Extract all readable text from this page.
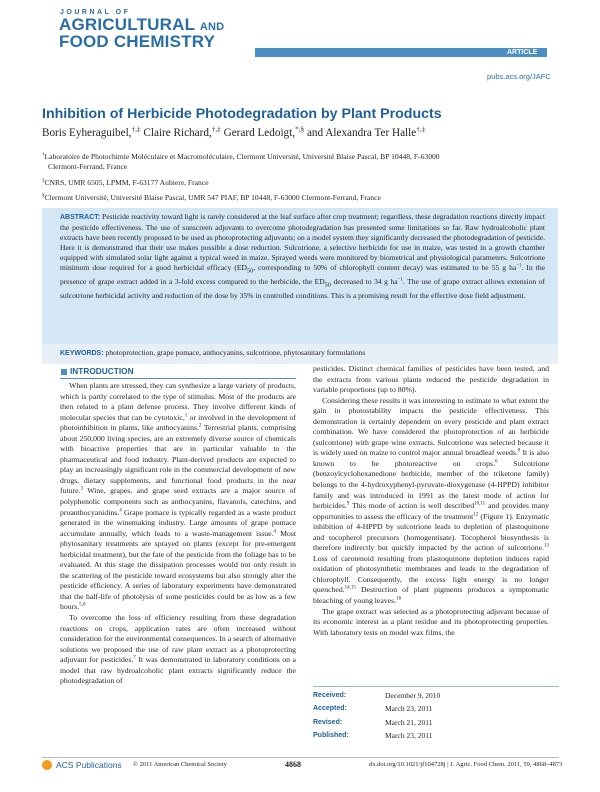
JOURNAL OF
AGRICULTURAL AND
FOOD CHEMISTRY
ARTICLE
pubs.acs.org/JAFC
Inhibition of Herbicide Photodegradation by Plant Products
Boris Eyheraguibel,†,‡ Claire Richard,†,‡ Gerard Ledoigt,*,§ and Alexandra Ter Halle†,‡
†Laboratoire de Photochimie Moléculaire et Macromoléculaire, Clermont Université, Université Blaise Pascal, BP 10448, F-63000
Clermont-Ferrand, France
‡CNRS, UMR 6505, LPMM, F-63177 Aubiere, France
§Clermont Université, Université Blaise Pascal, UMR 547 PIAF, BP 10448, F-63000 Clermont-Ferrand, France
ABSTRACT: Pesticide reactivity toward light is rarely considered at the leaf surface after crop treatment; regardless, these degradation reactions directly impact the pesticide effectiveness. The use of sunscreen adjuvants to overcome photodegradation has presented some limitations so far. Raw hydroalcoholic plant extracts have been recently proposed to be used as photoprotecting adjuvants; on a model system they significantly decreased the photodegradation of pesticide. Here it is demonstrated that their use makes possible a dose reduction. Sulcotrione, a selective herbicide for use in maize, was tested in a growth chamber equipped with simulated solar light against a typical weed in maize. Sprayed weeds were monitored by biometrical and physiological parameters. Sulcotrione minimum dose required for a good herbicidal efficacy ($ED_{50}$, corresponding to 50% of chlorophyll content decay) was estimated to be 55 g $ha^{-1}$. In the presence of grape extract added in a 3-fold excess compared to the herbicide, the $ED_{50}$ decreased to 34 g $ha^{-1}$. The use of grape extract allows extension of sulcotrione herbicidal activity and reduction of the dose by 35% in controlled conditions. This is a promising result for the effective dose field adjustment.
KEYWORDS: photoprotection, grape pomace, anthocyanins, sulcotrione, phytosanitary formulations
INTRODUCTION

When plants are stressed, they can synthesize a large variety of products, which is partly correlated to the type of stimulus. Most of the products are then related to a plant defense process. They involve different kinds of molecular species that can be cytotoxic,$^1$ or involved in the development of photoinhibition in plants, like anthocyanins.$^2$ Terrestrial plants, comprising about 250,000 living species, are an extremely diverse source of chemicals with bioactive properties that are in particular valuable to the pharmaceutical and food industry. Plant-derived products are expected to play an increasingly significant role in the commercial development of new drugs, dietary supplements, and functional food products in the near future.$^3$ Wine, grapes, and grape seed extracts are a major source of polyphenolic components such as anthocyanins, flavanols, catechins, and proanthocyanidins.$^4$ Grape pomace is typically regarded as a waste product generated in the winemaking industry. Large amounts of grape pomace accumulate annually, which leads to a waste-management issue.$^4$ Most phytosanitary treatments are sprayed on plants (except for pre-emergent herbicidal treatment), but the fate of the pesticide from the foliage has to be evaluated. At this stage the dissipation processes would not only result in the scattering of the pesticide toward ecosystems but also strongly alter the pesticide efficiency. A series of laboratory experiments have demonstrated that the half-life of photolysis of some pesticides could be as low as a few hours.$^{5,6}$

To overcome the loss of efficiency resulting from these degradation reactions on crops, application rates are often increased without consideration for the environmental consequences. In a search of alternative solutions we proposed the use of raw plant extract as a photoprotecting adjuvant for pesticides.$^7$ It was demonstrated in laboratory conditions on a model that raw hydroalcoholic plant extracts significantly reduce the photodegradation of

pesticides. Distinct chemical families of pesticides have been tested, and the extracts from various plants reduced the pesticide degradation in variable proportions (up to 80%).

Considering these results it was interesting to estimate to what extent the gain in photostability impacts the pesticide effectiveness. This demonstration is certainly dependent on every pesticide and plant extract combination. We have considered the photoprotection of an herbicide (sulcotrione) with grape wine extracts. Sulcotrione was selected because it is widely used on maize to control major annual broadleaf weeds.$^8$ It is also known to be photoreactive on crops.$^6$ Sulcotrione (benzoylcyclohexanedione herbicide, member of the triketone family) belongs to the 4-hydroxyphenyl-pyruvate-dioxygenase (4-HPPD) inhibitor family and was introduced in 1991 as the latest mode of action for herbicides.$^9$ This mode of action is well described$^{10,11}$ and provides many opportunities to assess the efficacy of the treatment$^{12}$ (Figure 1). Enzymatic inhibition of 4-HPPD by sulcotrione leads to depletion of plastoquinone and tocopherol precursors (homogentisate). Tocopherol biosynthesis is therefore indirectly but quickly impacted by the action of sulcotrione.$^{13}$ Loss of carotenoid resulting from plastoquinone depletion induces rapid oxidation of photosynthetic membranes and leads to the degradation of chlorophyll. Consequently, the excess light energy is no longer quenched.$^{14,15}$ Destruction of plant pigments produces a symptomatic bleaching of young leaves.$^{16}$

The grape extract was selected as a photoprotecting adjuvant because of its economic interest as a plant residue and its photoprotecting properties. With laboratory tests on model wax films, the

Received:	December 9, 2010
Accepted:	March 23, 2011
Revised:	March 21, 2011
Published:	March 23, 2011
ACS Publications © 2011 American Chemical Society	4868	dx.doi.org/10.1021/jf104728j | J. Agric. Food Chem. 2011, 59, 4868–4873
